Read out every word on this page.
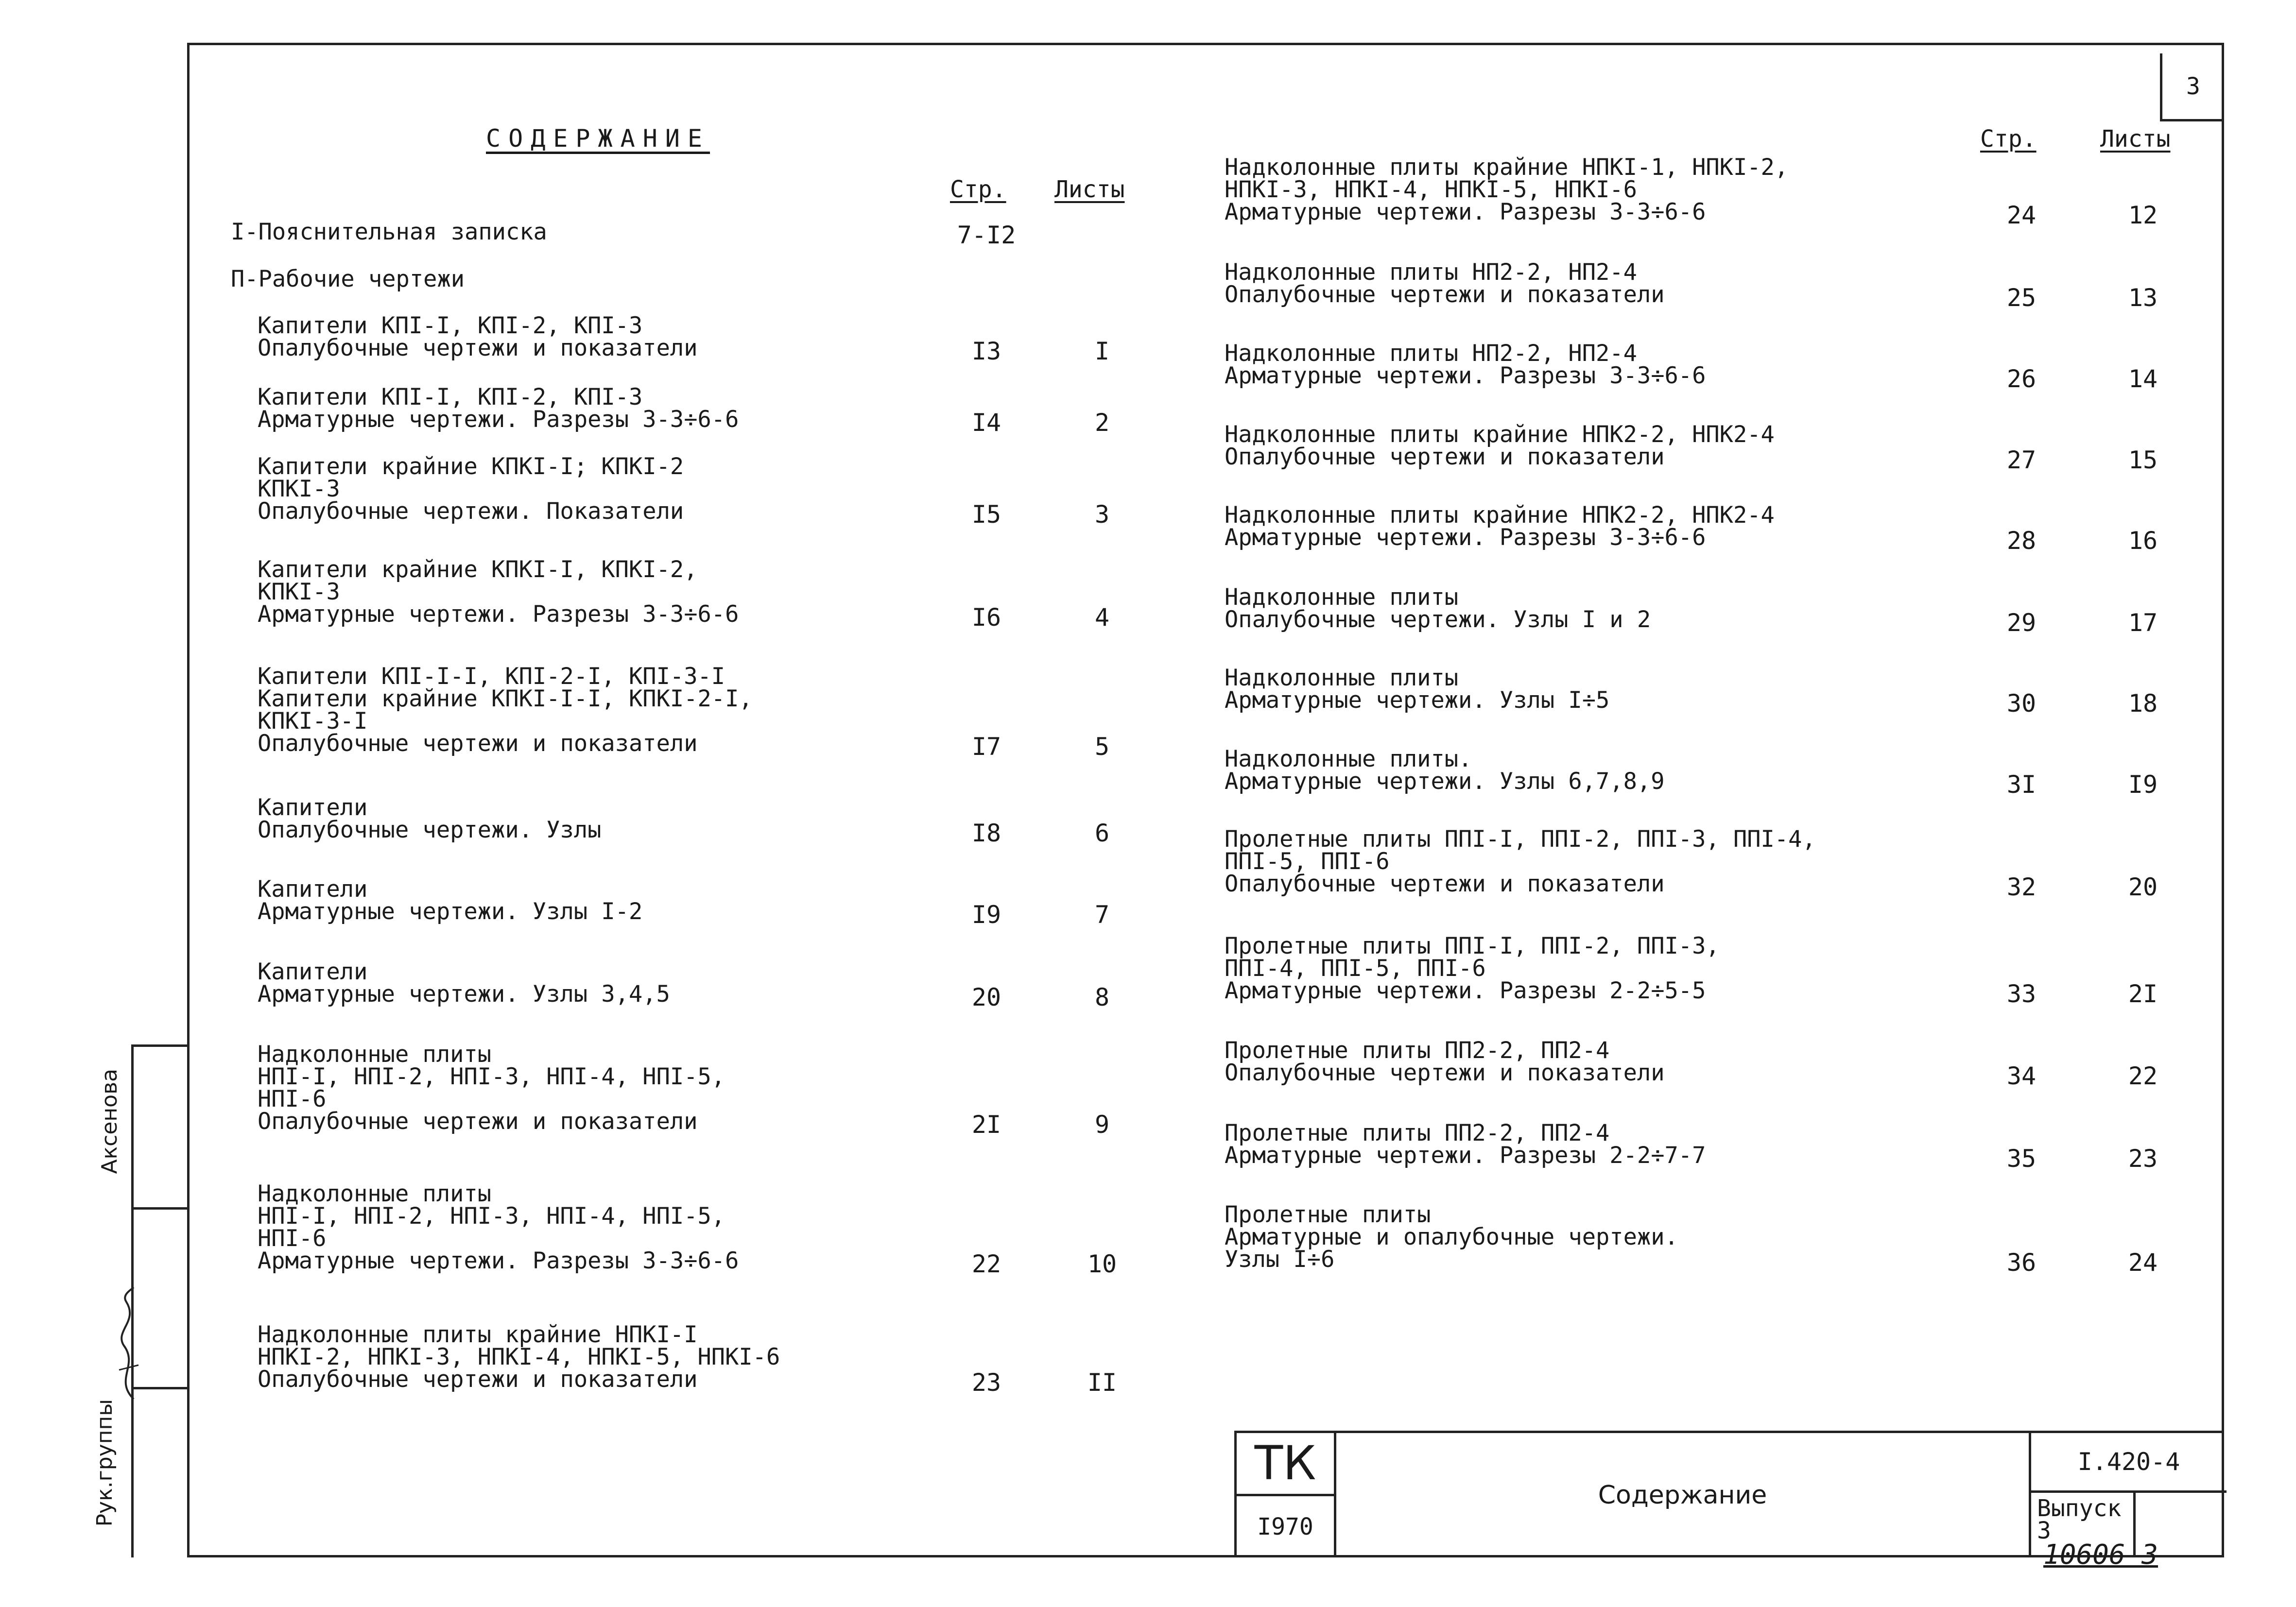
3
СОДЕРЖАНИЕ
Стр. Листы
Стр.	Листы
I-Пояснительная записка	7-I2
П-Рабочие чертежи
Капители КПI-I, КПI-2, КПI-3
Опалубочные чертежи и показатели	I3	I
Капители КПI-I, КПI-2, КПI-3
Арматурные чертежи. Разрезы 3-3÷6-6	I4	2
Капители крайние КПКI-I; КПКI-2
КПКI-3
Опалубочные чертежи. Показатели	I5	3
Капители крайние КПКI-I, КПКI-2,
КПКI-3
Арматурные чертежи. Разрезы 3-3÷6-6	I6	4
Капители КПI-I-I, КПI-2-I, КПI-3-I
Капители крайние КПКI-I-I, КПКI-2-I,
КПКI-3-I
Опалубочные чертежи и показатели	I7	5
Капители
Опалубочные чертежи. Узлы	I8	6
Капители
Арматурные чертежи. Узлы I-2	I9	7
Капители
Арматурные чертежи. Узлы 3,4,5	20	8
Надколонные плиты
НПI-I, НПI-2, НПI-3, НПI-4, НПI-5,
НПI-6
Опалубочные чертежи и показатели	2I	9
Надколонные плиты
НПI-I, НПI-2, НПI-3, НПI-4, НПI-5,
НПI-6
Арматурные чертежи. Разрезы 3-3÷6-6	22	10
Надколонные плиты крайние НПКI-I
НПКI-2, НПКI-3, НПКI-4, НПКI-5, НПКI-6
Опалубочные чертежи и показатели	23	II
Надколонные плиты крайние НПКI-1, НПКI-2,
НПКI-3, НПКI-4, НПКI-5, НПКI-6
Арматурные чертежи. Разрезы 3-3÷6-6	24	12
Надколонные плиты НП2-2, НП2-4
Опалубочные чертежи и показатели	25	13
Надколонные плиты НП2-2, НП2-4
Арматурные чертежи. Разрезы 3-3÷6-6	26	14
Надколонные плиты крайние НПК2-2, НПК2-4
Опалубочные чертежи и показатели	27	15
Надколонные плиты крайние НПК2-2, НПК2-4
Арматурные чертежи. Разрезы 3-3÷6-6	28	16
Надколонные плиты
Опалубочные чертежи. Узлы I и 2	29	17
Надколонные плиты
Арматурные чертежи. Узлы I÷5	30	18
Надколонные плиты.
Арматурные чертежи. Узлы 6,7,8,9	3I	I9
Пролетные плиты ППI-I, ППI-2, ППI-3, ППI-4,
ППI-5, ППI-6
Опалубочные чертежи и показатели	32	20
Пролетные плиты ППI-I, ППI-2, ППI-3,
ППI-4, ППI-5, ППI-6
Арматурные чертежи. Разрезы 2-2÷5-5	33	2I
Пролетные плиты ПП2-2, ПП2-4
Опалубочные чертежи и показатели	34	22
Пролетные плиты ПП2-2, ПП2-4
Арматурные чертежи. Разрезы 2-2÷7-7	35	23
Пролетные плиты
Арматурные и опалубочные чертежи.
Узлы I÷6	36	24
ТК
I970
Содержание
I.420-4
Выпуск
3
10606 3
Рук.группы
Аксенова
